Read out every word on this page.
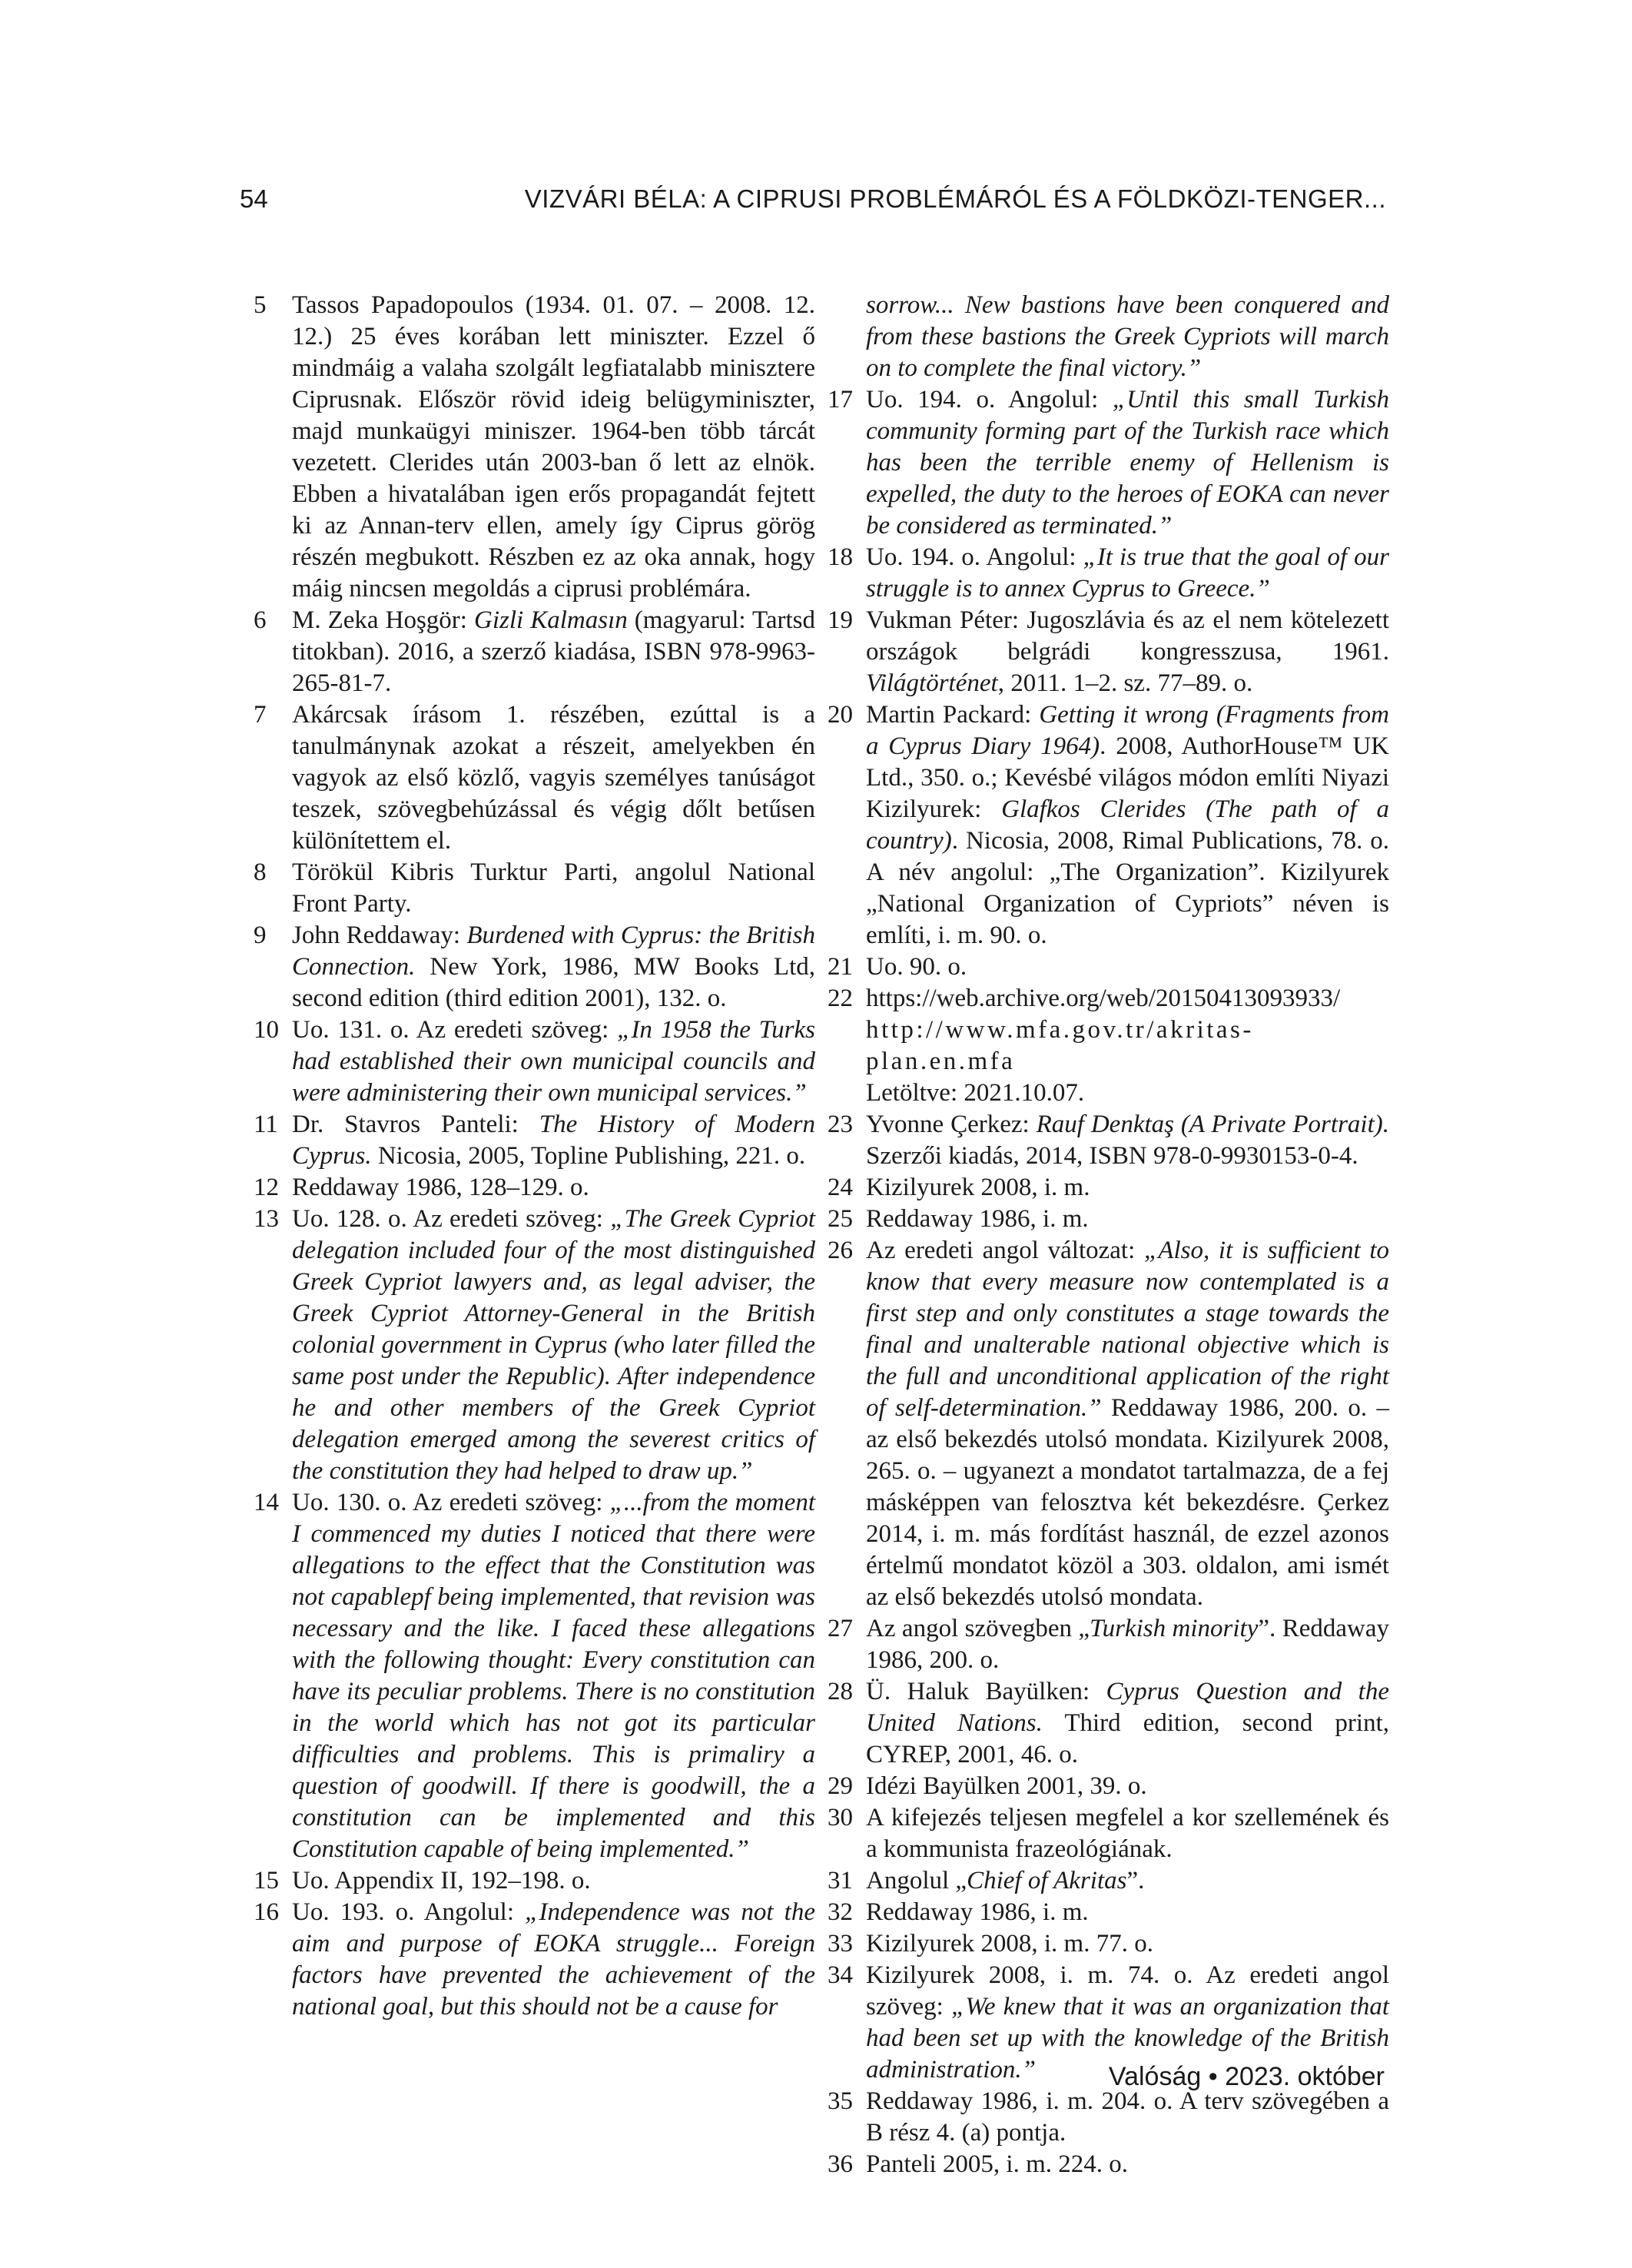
54	VIZVÁRI BÉLA: A CIPRUSI PROBLÉMÁRÓL ÉS A FÖLDKÖZI-TENGER...
5 Tassos Papadopoulos (1934. 01. 07. – 2008. 12. 12.) 25 éves korában lett miniszter. Ezzel ő mindmáig a valaha szolgált legfiatalabb minisztere Ciprusnak. Először rövid ideig belügyminiszter, majd munkaügyi miniszer. 1964-ben több tárcát vezetett. Clerides után 2003-ban ő lett az elnök. Ebben a hivatalában igen erős propagandát fejtett ki az Annan-terv ellen, amely így Ciprus görög részén megbukott. Részben ez az oka annak, hogy máig nincsen megoldás a ciprusi problémára.
6 M. Zeka Hoşgör: Gizli Kalmasın (magyarul: Tartsd titokban). 2016, a szerző kiadása, ISBN 978-9963-265-81-7.
7 Akárcsak írásom 1. részében, ezúttal is a tanulmánynak azokat a részeit, amelyekben én vagyok az első közlő, vagyis személyes tanúságot teszek, szövegbehúzással és végig dőlt betűsen különítettem el.
8 Törökül Kibris Turktur Parti, angolul National Front Party.
9 John Reddaway: Burdened with Cyprus: the British Connection. New York, 1986, MW Books Ltd, second edition (third edition 2001), 132. o.
10 Uo. 131. o. Az eredeti szöveg: „In 1958 the Turks had established their own municipal councils and were administering their own municipal services.”
11 Dr. Stavros Panteli: The History of Modern Cyprus. Nicosia, 2005, Topline Publishing, 221. o.
12 Reddaway 1986, 128–129. o.
13 Uo. 128. o. Az eredeti szöveg: „The Greek Cypriot delegation included four of the most distinguished Greek Cypriot lawyers and, as legal adviser, the Greek Cypriot Attorney-General in the British colonial government in Cyprus (who later filled the same post under the Republic). After independence he and other members of the Greek Cypriot delegation emerged among the severest critics of the constitution they had helped to draw up.”
14 Uo. 130. o. Az eredeti szöveg: „...from the moment I commenced my duties I noticed that there were allegations to the effect that the Constitution was not capablepf being implemented, that revision was necessary and the like. I faced these allegations with the following thought: Every constitution can have its peculiar problems. There is no constitution in the world which has not got its particular difficulties and problems. This is primaliry a question of goodwill. If there is goodwill, the a constitution can be implemented and this Constitution capable of being implemented.”
15 Uo. Appendix II, 192–198. o.
16 Uo. 193. o. Angolul: „Independence was not the aim and purpose of EOKA struggle... Foreign factors have prevented the achievement of the national goal, but this should not be a cause for
sorrow... New bastions have been conquered and from these bastions the Greek Cypriots will march on to complete the final victory.”
17 Uo. 194. o. Angolul: „Until this small Turkish community forming part of the Turkish race which has been the terrible enemy of Hellenism is expelled, the duty to the heroes of EOKA can never be considered as terminated.”
18 Uo. 194. o. Angolul: „It is true that the goal of our struggle is to annex Cyprus to Greece.”
19 Vukman Péter: Jugoszlávia és az el nem kötelezett országok belgrádi kongresszusa, 1961. Világtörténet, 2011. 1–2. sz. 77–89. o.
20 Martin Packard: Getting it wrong (Fragments from a Cyprus Diary 1964). 2008, AuthorHouse™ UK Ltd., 350. o.; Kevésbé világos módon említi Niyazi Kizilyurek: Glafkos Clerides (The path of a country). Nicosia, 2008, Rimal Publications, 78. o. A név angolul: „The Organization”. Kizilyurek „National Organization of Cypriots” néven is említi, i. m. 90. o.
21 Uo. 90. o.
22 https://web.archive.org/web/20150413093933/
http://www.mfa.gov.tr/akritas-plan.en.mfa
Letöltve: 2021.10.07.
23 Yvonne Çerkez: Rauf Denktaş (A Private Portrait). Szerzői kiadás, 2014, ISBN 978-0-9930153-0-4.
24 Kizilyurek 2008, i. m.
25 Reddaway 1986, i. m.
26 Az eredeti angol változat: „Also, it is sufficient to know that every measure now contemplated is a first step and only constitutes a stage towards the final and unalterable national objective which is the full and unconditional application of the right of self-determination.” Reddaway 1986, 200. o. – az első bekezdés utolsó mondata. Kizilyurek 2008, 265. o. – ugyanezt a mondatot tartalmazza, de a fej másképpen van felosztva két bekezdésre. Çerkez 2014, i. m. más fordítást használ, de ezzel azonos értelmű mondatot közöl a 303. oldalon, ami ismét az első bekezdés utolsó mondata.
27 Az angol szövegben „Turkish minority”. Reddaway 1986, 200. o.
28 Ü. Haluk Bayülken: Cyprus Question and the United Nations. Third edition, second print, CYREP, 2001, 46. o.
29 Idézi Bayülken 2001, 39. o.
30 A kifejezés teljesen megfelel a kor szellemének és a kommunista frazeológiának.
31 Angolul „Chief of Akritas”.
32 Reddaway 1986, i. m.
33 Kizilyurek 2008, i. m. 77. o.
34 Kizilyurek 2008, i. m. 74. o. Az eredeti angol szöveg: „We knew that it was an organization that had been set up with the knowledge of the British administration.”
35 Reddaway 1986, i. m. 204. o. A terv szövegében a B rész 4. (a) pontja.
36 Panteli 2005, i. m. 224. o.
Valóság • 2023. október
